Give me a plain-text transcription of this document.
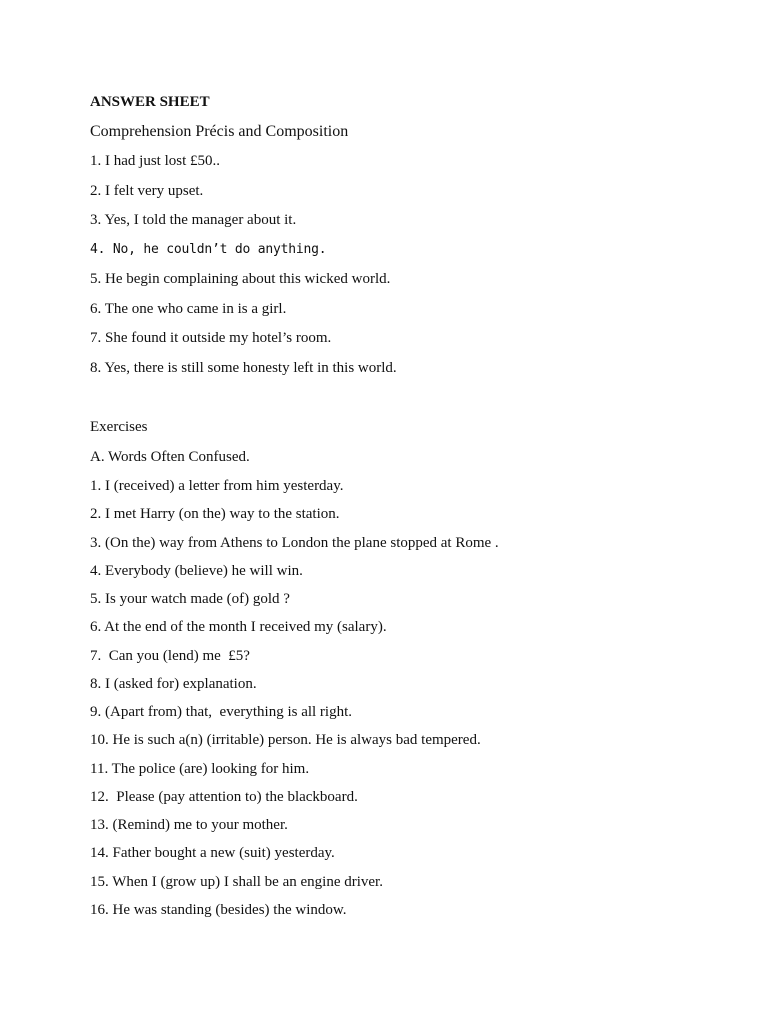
ANSWER SHEET
Comprehension Précis and Composition
1. I had just lost £50..
2. I felt very upset.
3. Yes, I told the manager about it.
4. No, he couldn’t do anything.
5. He begin complaining about this wicked world.
6. The one who came in is a girl.
7. She found it outside my hotel’s room.
8. Yes, there is still some honesty left in this world.
Exercises
A. Words Often Confused.
1. I (received) a letter from him yesterday.
2. I met Harry (on the) way to the station.
3. (On the) way from Athens to London the plane stopped at Rome .
4. Everybody (believe) he will win.
5. Is your watch made (of) gold ?
6. At the end of the month I received my (salary).
7.  Can you (lend) me  £5?
8. I (asked for) explanation.
9. (Apart from) that,  everything is all right.
10. He is such a(n) (irritable) person. He is always bad tempered.
11. The police (are) looking for him.
12.  Please (pay attention to) the blackboard.
13. (Remind) me to your mother.
14. Father bought a new (suit) yesterday.
15. When I (grow up) I shall be an engine driver.
16. He was standing (besides) the window.
